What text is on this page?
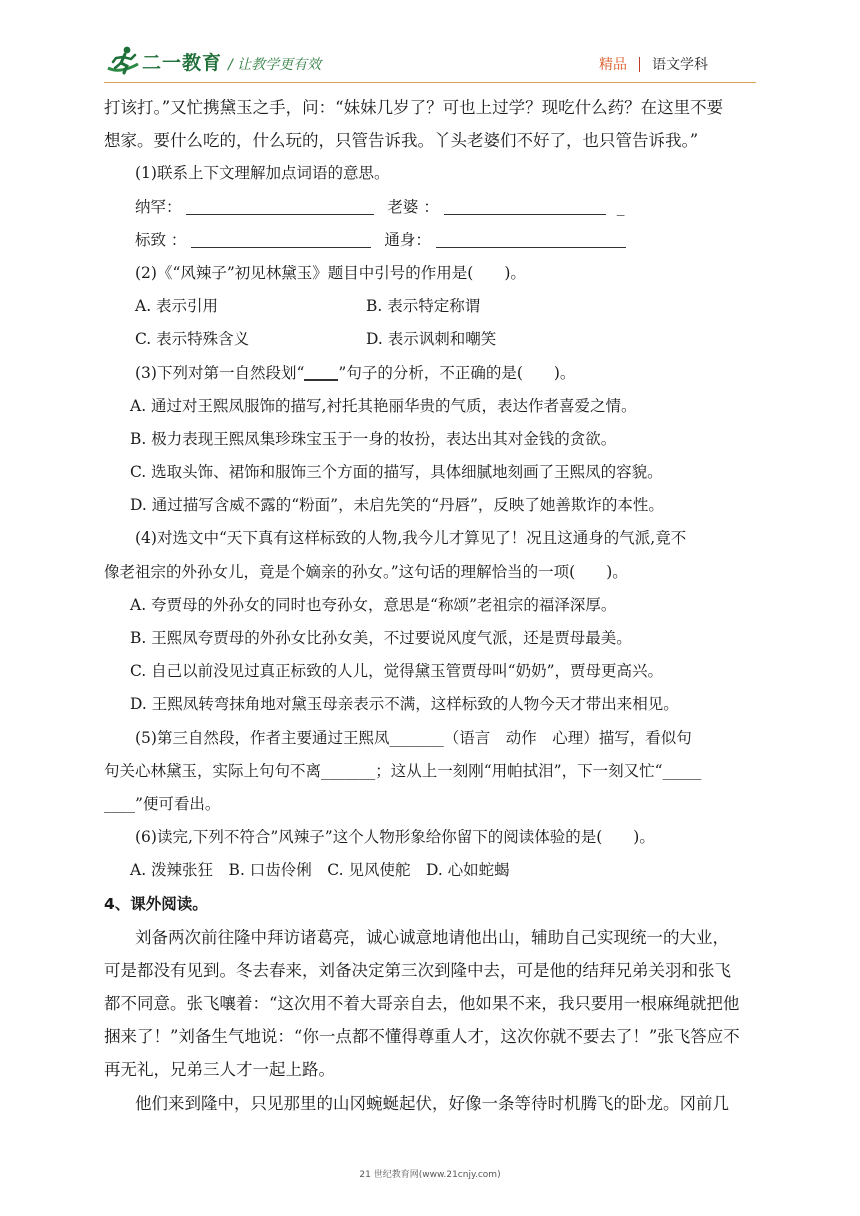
二一教育 / 让教学更有效	精品 语文学科
打该打。”又忙携黛玉之手，问：“妹妹几岁了？可也上过学？现吃什么药？在这里不要
想家。要什么吃的，什么玩的，只管告诉我。丫头老婆们不好了，也只管告诉我。”
(1)联系上下文理解加点词语的意思。
纳罕：	老婆 ：	_
标致 ：	通身：
(2)《“风辣子”初见林黛玉》题目中引号的作用是(　　)。
A. 表示引用	B. 表示特定称谓
C. 表示特殊含义	D. 表示讽刺和嘲笑
(3)下列对第一自然段划“ ”句子的分析，不正确的是(　　)。
A. 通过对王熙凤服饰的描写,衬托其艳丽华贵的气质，表达作者喜爱之情。
B. 极力表现王熙凤集珍珠宝玉于一身的妆扮，表达出其对金钱的贪欲。
C. 选取头饰、裙饰和服饰三个方面的描写，具体细腻地刻画了王熙凤的容貌。
D. 通过描写含威不露的“粉面”，未启先笑的“丹唇”，反映了她善欺诈的本性。
(4)对选文中“天下真有这样标致的人物,我今儿才算见了！况且这通身的气派,竟不
像老祖宗的外孙女儿，竟是个嫡亲的孙女。”这句话的理解恰当的一项(　　)。
A. 夸贾母的外孙女的同时也夸孙女，意思是“称颂”老祖宗的福泽深厚。
B. 王熙凤夸贾母的外孙女比孙女美，不过要说风度气派，还是贾母最美。
C. 自己以前没见过真正标致的人儿，觉得黛玉管贾母叫“奶奶”，贾母更高兴。
D. 王熙凤转弯抹角地对黛玉母亲表示不满，这样标致的人物今天才带出来相见。
(5)第三自然段，作者主要通过王熙凤_______（语言　动作　心理）描写，看似句
句关心林黛玉，实际上句句不离_______；这从上一刻刚“用帕拭泪”，下一刻又忙“_____
____”便可看出。
(6)读完,下列不符合”风辣子”这个人物形象给你留下的阅读体验的是(　　)。
A. 泼辣张狂　B. 口齿伶俐　C. 见风使舵　D. 心如蛇蝎
4、课外阅读。
刘备两次前往隆中拜访诸葛亮，诚心诚意地请他出山，辅助自己实现统一的大业，
可是都没有见到。冬去春来，刘备决定第三次到隆中去，可是他的结拜兄弟关羽和张飞
都不同意。张飞嚷着：“这次用不着大哥亲自去，他如果不来，我只要用一根麻绳就把他
捆来了！”刘备生气地说：“你一点都不懂得尊重人才，这次你就不要去了！”张飞答应不
再无礼，兄弟三人才一起上路。
他们来到隆中，只见那里的山冈蜿蜒起伏，好像一条等待时机腾飞的卧龙。冈前几
21 世纪教育网(www.21cnjy.com)
